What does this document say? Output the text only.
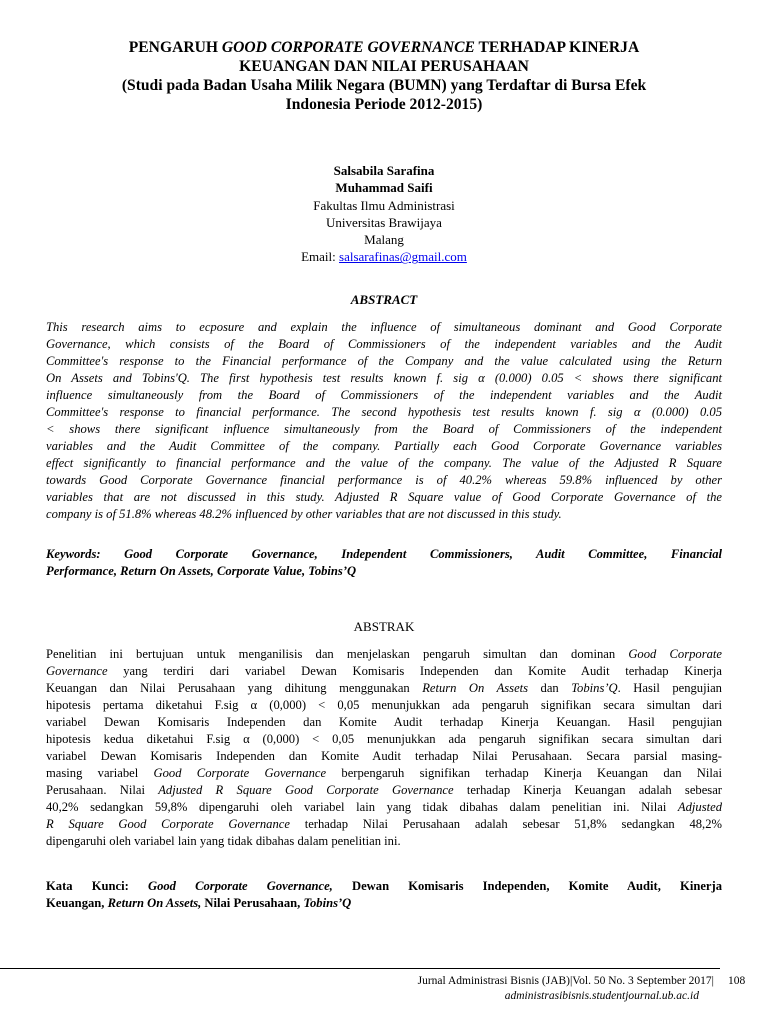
PENGARUH GOOD CORPORATE GOVERNANCE TERHADAP KINERJA
KEUANGAN DAN NILAI PERUSAHAAN
(Studi pada Badan Usaha Milik Negara (BUMN) yang Terdaftar di Bursa Efek
Indonesia Periode 2012-2015)
Salsabila Sarafina
Muhammad Saifi
Fakultas Ilmu Administrasi
Universitas Brawijaya
Malang
Email: salsarafinas@gmail.com
ABSTRACT
This research aims to ecposure and explain the influence of simultaneous dominant and Good Corporate
Governance, which consists of the Board of Commissioners of the independent variables and the Audit
Committee's response to the Financial performance of the Company and the value calculated using the Return
On Assets and Tobins'Q. The first hypothesis test results known f. sig α (0.000) 0.05 < shows there significant
influence simultaneously from the Board of Commissioners of the independent variables and the Audit
Committee's response to financial performance. The second hypothesis test results known f. sig α (0.000) 0.05
< shows there significant influence simultaneously from the Board of Commissioners of the independent
variables and the Audit Committee of the company. Partially each Good Corporate Governance variables
effect significantly to financial performance and the value of the company. The value of the Adjusted R Square
towards Good Corporate Governance financial performance is of 40.2% whereas 59.8% influenced by other
variables that are not discussed in this study. Adjusted R Square value of Good Corporate Governance of the
company is of 51.8% whereas 48.2% influenced by other variables that are not discussed in this study.
Keywords: Good Corporate Governance, Independent Commissioners, Audit Committee, Financial
Performance, Return On Assets, Corporate Value, Tobins’Q
ABSTRAK
Penelitian ini bertujuan untuk menganilisis dan menjelaskan pengaruh simultan dan dominan Good Corporate
Governance yang terdiri dari variabel Dewan Komisaris Independen dan Komite Audit terhadap Kinerja
Keuangan dan Nilai Perusahaan yang dihitung menggunakan Return On Assets dan Tobins’Q. Hasil pengujian
hipotesis pertama diketahui F.sig α (0,000) < 0,05 menunjukkan ada pengaruh signifikan secara simultan dari
variabel Dewan Komisaris Independen dan Komite Audit terhadap Kinerja Keuangan. Hasil pengujian
hipotesis kedua diketahui F.sig α (0,000) < 0,05 menunjukkan ada pengaruh signifikan secara simultan dari
variabel Dewan Komisaris Independen dan Komite Audit terhadap Nilai Perusahaan. Secara parsial masing-
masing variabel Good Corporate Governance berpengaruh signifikan terhadap Kinerja Keuangan dan Nilai
Perusahaan. Nilai Adjusted R Square Good Corporate Governance terhadap Kinerja Keuangan adalah sebesar
40,2% sedangkan 59,8% dipengaruhi oleh variabel lain yang tidak dibahas dalam penelitian ini. Nilai Adjusted
R Square Good Corporate Governance terhadap Nilai Perusahaan adalah sebesar 51,8% sedangkan 48,2%
dipengaruhi oleh variabel lain yang tidak dibahas dalam penelitian ini.
Kata Kunci: Good Corporate Governance, Dewan Komisaris Independen, Komite Audit, Kinerja
Keuangan, Return On Assets, Nilai Perusahaan, Tobins’Q
Jurnal Administrasi Bisnis (JAB)|Vol. 50 No. 3 September 2017| 108
administrasibisnis.studentjournal.ub.ac.id
